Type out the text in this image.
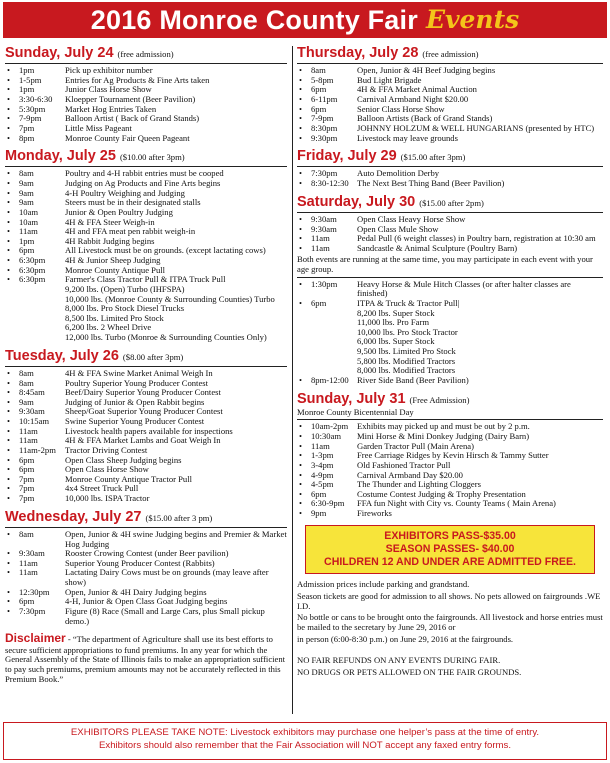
2016 Monroe County Fair Events
Sunday, July 24 (free admission)
•	1pm	Pick up exhibitor number
•	1-5pm	Entries for Ag Products & Fine Arts taken
•	1pm	Junior Class Horse Show
•	3:30-6:30	Kloepper Tournament (Beer Pavilion)
•	5:30pm	Market Hog Entries Taken
•	7-9pm	Balloon Artist ( Back of Grand Stands)
•	7pm	Little Miss Pageant
•	8pm	Monroe County Fair Queen Pageant
Monday, July 25 ($10.00 after 3pm)
•	8am	Poultry and 4-H rabbit entries must be cooped
•	9am	Judging on Ag Products and Fine Arts begins
•	9am	4-H Poultry Weighing and Judging
•	9am	Steers must be in their designated stalls
•	10am	Junior & Open Poultry Judging
•	10am	4H & FFA Steer Weigh-in
•	11am	4H and FFA meat pen rabbit weigh-in
•	1pm	4H Rabbit Judging begins
•	6pm	All Livestock must be on grounds. (except lactating cows)
•	6:30pm	4H & Junior Sheep Judging
•	6:30pm	Monroe County Antique Pull
•	6:30pm	Farmer's Class Tractor Pull & ITPA Truck Pull
9,200 lbs. (Open) Turbo (IHFSPA)
10,000 lbs. (Monroe County & Surrounding Counties) Turbo
8,000 lbs. Pro Stock Diesel Trucks
8,500 lbs. Limited Pro Stock
6,200 lbs. 2 Wheel Drive
12,000 lbs. Turbo (Monroe & Surrounding Counties Only)
Tuesday, July 26 ($8.00 after 3pm)
•	8am	4H & FFA Swine Market Animal Weigh In
•	8am	Poultry Superior Young Producer Contest
•	8:45am	Beef/Dairy Superior Young Producer Contest
•	9am	Judging of Junior & Open Rabbit begins
•	9:30am	Sheep/Goat Superior Young Producer Contest
•	10:15am	Swine Superior Young Producer Contest
•	11am	Livestock health papers available for inspections
•	11am	4H & FFA Market Lambs and Goat Weigh In
•	11am-2pm	Tractor Driving Contest
•	6pm	Open Class Sheep Judging begins
•	6pm	Open Class Horse Show
•	7pm	Monroe County Antique Tractor Pull
•	7pm	4x4 Street Truck Pull
•	7pm	10,000 lbs. ISPA Tractor
Wednesday, July 27 ($15.00 after 3 pm)
•	8am	Open, Junior & 4H swine Judging begins and Premier & Market Hog Judging
•	9:30am	Rooster Crowing Contest (under Beer pavilion)
•	11am	Superior Young Producer Contest (Rabbits)
•	11am	Lactating Dairy Cows must be on grounds (may leave after show)
•	12:30pm	Open, Junior & 4H Dairy Judging begins
•	6pm	4-H, Junior & Open Class Goat Judging begins
•	7:30pm	Figure (8) Race (Small and Large Cars, plus Small pickup demo.)
Disclaimer - “The department of Agriculture shall use its best efforts to secure sufficient appropriations to fund premiums. In any year for which the General Assembly of the State of Illinois fails to make an appropriation sufficient to pay such premiums, premium amounts may not be accurately reflected in this Premium Book.”
Thursday, July 28 (free admission)
•	8am	Open, Junior & 4H Beef Judging begins
•	5-8pm	Bud Light Brigade
•	6pm	4H & FFA Market Animal Auction
•	6-11pm	Carnival Armband Night $20.00
•	6pm	Senior Class Horse Show
•	7-9pm	Balloon Artists (Back of Grand Stands)
•	8:30pm	JOHNNY HOLZUM & WELL HUNGARIANS (presented by HTC)
•	9:30pm	Livestock may leave grounds
Friday, July 29 ($15.00 after 3pm)
•	7:30pm	Auto Demolition Derby
•	8:30-12:30 The Next Best Thing Band (Beer Pavilion)
Saturday, July 30 ($15.00 after 2pm)
•	9:30am	Open Class Heavy Horse Show
•	9:30am	Open Class Mule Show
•	11am	Pedal Pull (6 weight classes) in Poultry barn, registration at 10:30 am
•	11am	Sandcastle & Animal Sculpture (Poultry Barn)
Both events are running at the same time, you may participate in each event with your age group.
•	1:30pm	Heavy Horse & Mule Hitch Classes (or after halter classes are finished)
•	6pm	ITPA & Truck & Tractor Pull|
8,200 lbs. Super Stock
11,000 lbs. Pro Farm
10,000 lbs. Pro Stock Tractor
6,000 lbs. Super Stock
9,500 lbs. Limited Pro Stock
5,800 lbs. Modified Tractors
8,000 lbs. Modified Tractors
•	8pm-12:00 River Side Band (Beer Pavilion)
Sunday, July 31 (Free Admission)
Monroe County Bicentennial Day
•	10am-2pm	Exhibits may picked up and must be out by 2 p.m.
•	10:30am	Mini Horse & Mini Donkey Judging (Dairy Barn)
•	11am	Garden Tractor Pull (Main Arena)
•	1-3pm	Free Carriage Ridges by Kevin Hirsch & Tammy Sutter
•	3-4pm	Old Fashioned Tractor Pull
•	4-9pm	Carnival Armband Day $20.00
•	4-5pm	The Thunder and Lighting Cloggers
•	6pm	Costume Contest Judging & Trophy Presentation
•	6:30-9pm	FFA fun Night with City vs. County Teams ( Main Arena)
•	9pm	Fireworks
EXHIBITORS PASS-$35.00
SEASON PASSES- $40.00
CHILDREN 12 AND UNDER ARE ADMITTED FREE.
Admission prices include parking and grandstand.
Season tickets are good for admission to all shows. No pets allowed on fairgrounds .WE I.D.
No bottle or cans to be brought onto the fairgrounds. All livestock and horse entries must be mailed to the secretary by June 29, 2016 or
in person (6:00-8:30 p.m.) on June 29, 2016 at the fairgrounds.
NO FAIR REFUNDS ON ANY EVENTS DURING FAIR.
NO DRUGS OR PETS ALLOWED ON THE FAIR GROUNDS.
EXHIBITORS PLEASE TAKE NOTE: Livestock exhibitors may purchase one helper’s pass at the time of entry.
Exhibitors should also remember that the Fair Association will NOT accept any faxed entry forms.
